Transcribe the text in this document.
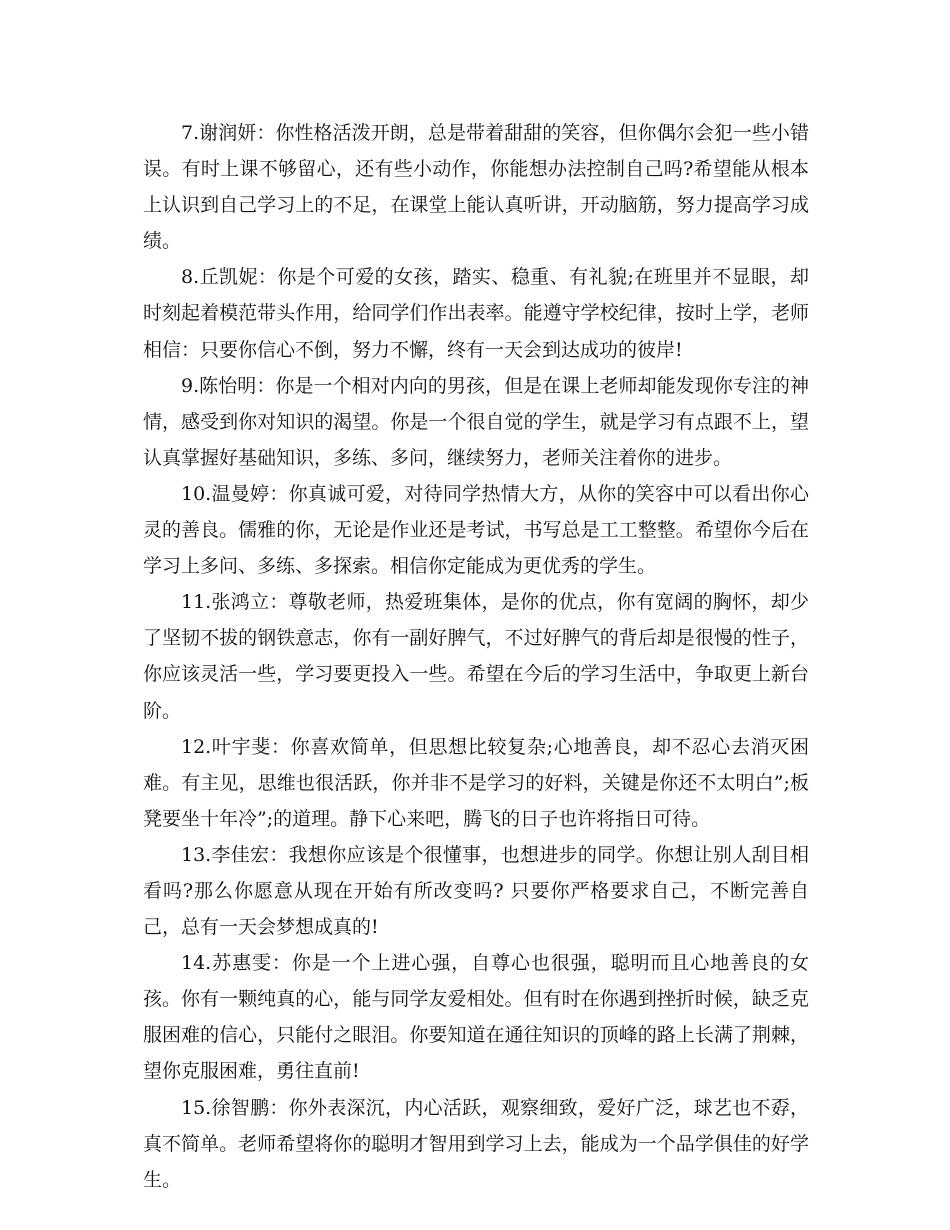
7.谢润妍：你性格活泼开朗，总是带着甜甜的笑容，但你偶尔会犯一些小错误。有时上课不够留心，还有些小动作，你能想办法控制自己吗?希望能从根本上认识到自己学习上的不足，在课堂上能认真听讲，开动脑筋，努力提高学习成绩。

8.丘凯妮：你是个可爱的女孩，踏实、稳重、有礼貌;在班里并不显眼，却时刻起着模范带头作用，给同学们作出表率。能遵守学校纪律，按时上学，老师相信：只要你信心不倒，努力不懈，终有一天会到达成功的彼岸!

9.陈怡明：你是一个相对内向的男孩，但是在课上老师却能发现你专注的神情，感受到你对知识的渴望。你是一个很自觉的学生，就是学习有点跟不上，望认真掌握好基础知识，多练、多问，继续努力，老师关注着你的进步。

10.温曼婷：你真诚可爱，对待同学热情大方，从你的笑容中可以看出你心灵的善良。儒雅的你，无论是作业还是考试，书写总是工工整整。希望你今后在学习上多问、多练、多探索。相信你定能成为更优秀的学生。

11.张鸿立：尊敬老师，热爱班集体，是你的优点，你有宽阔的胸怀，却少了坚韧不拔的钢铁意志，你有一副好脾气，不过好脾气的背后却是很慢的性子，你应该灵活一些，学习要更投入一些。希望在今后的学习生活中，争取更上新台阶。

12.叶宇斐：你喜欢简单，但思想比较复杂;心地善良，却不忍心去消灭困难。有主见，思维也很活跃，你并非不是学习的好料，关键是你还不太明白”;板凳要坐十年冷”;的道理。静下心来吧，腾飞的日子也许将指日可待。

13.李佳宏：我想你应该是个很懂事，也想进步的同学。你想让别人刮目相看吗?那么你愿意从现在开始有所改变吗? 只要你严格要求自己，不断完善自己，总有一天会梦想成真的!

14.苏惠雯：你是一个上进心强，自尊心也很强，聪明而且心地善良的女孩。你有一颗纯真的心，能与同学友爱相处。但有时在你遇到挫折时候，缺乏克服困难的信心，只能付之眼泪。你要知道在通往知识的顶峰的路上长满了荆棘，望你克服困难，勇往直前!

15.徐智鹏：你外表深沉，内心活跃，观察细致，爱好广泛，球艺也不孬，真不简单。老师希望将你的聪明才智用到学习上去，能成为一个品学俱佳的好学生。
